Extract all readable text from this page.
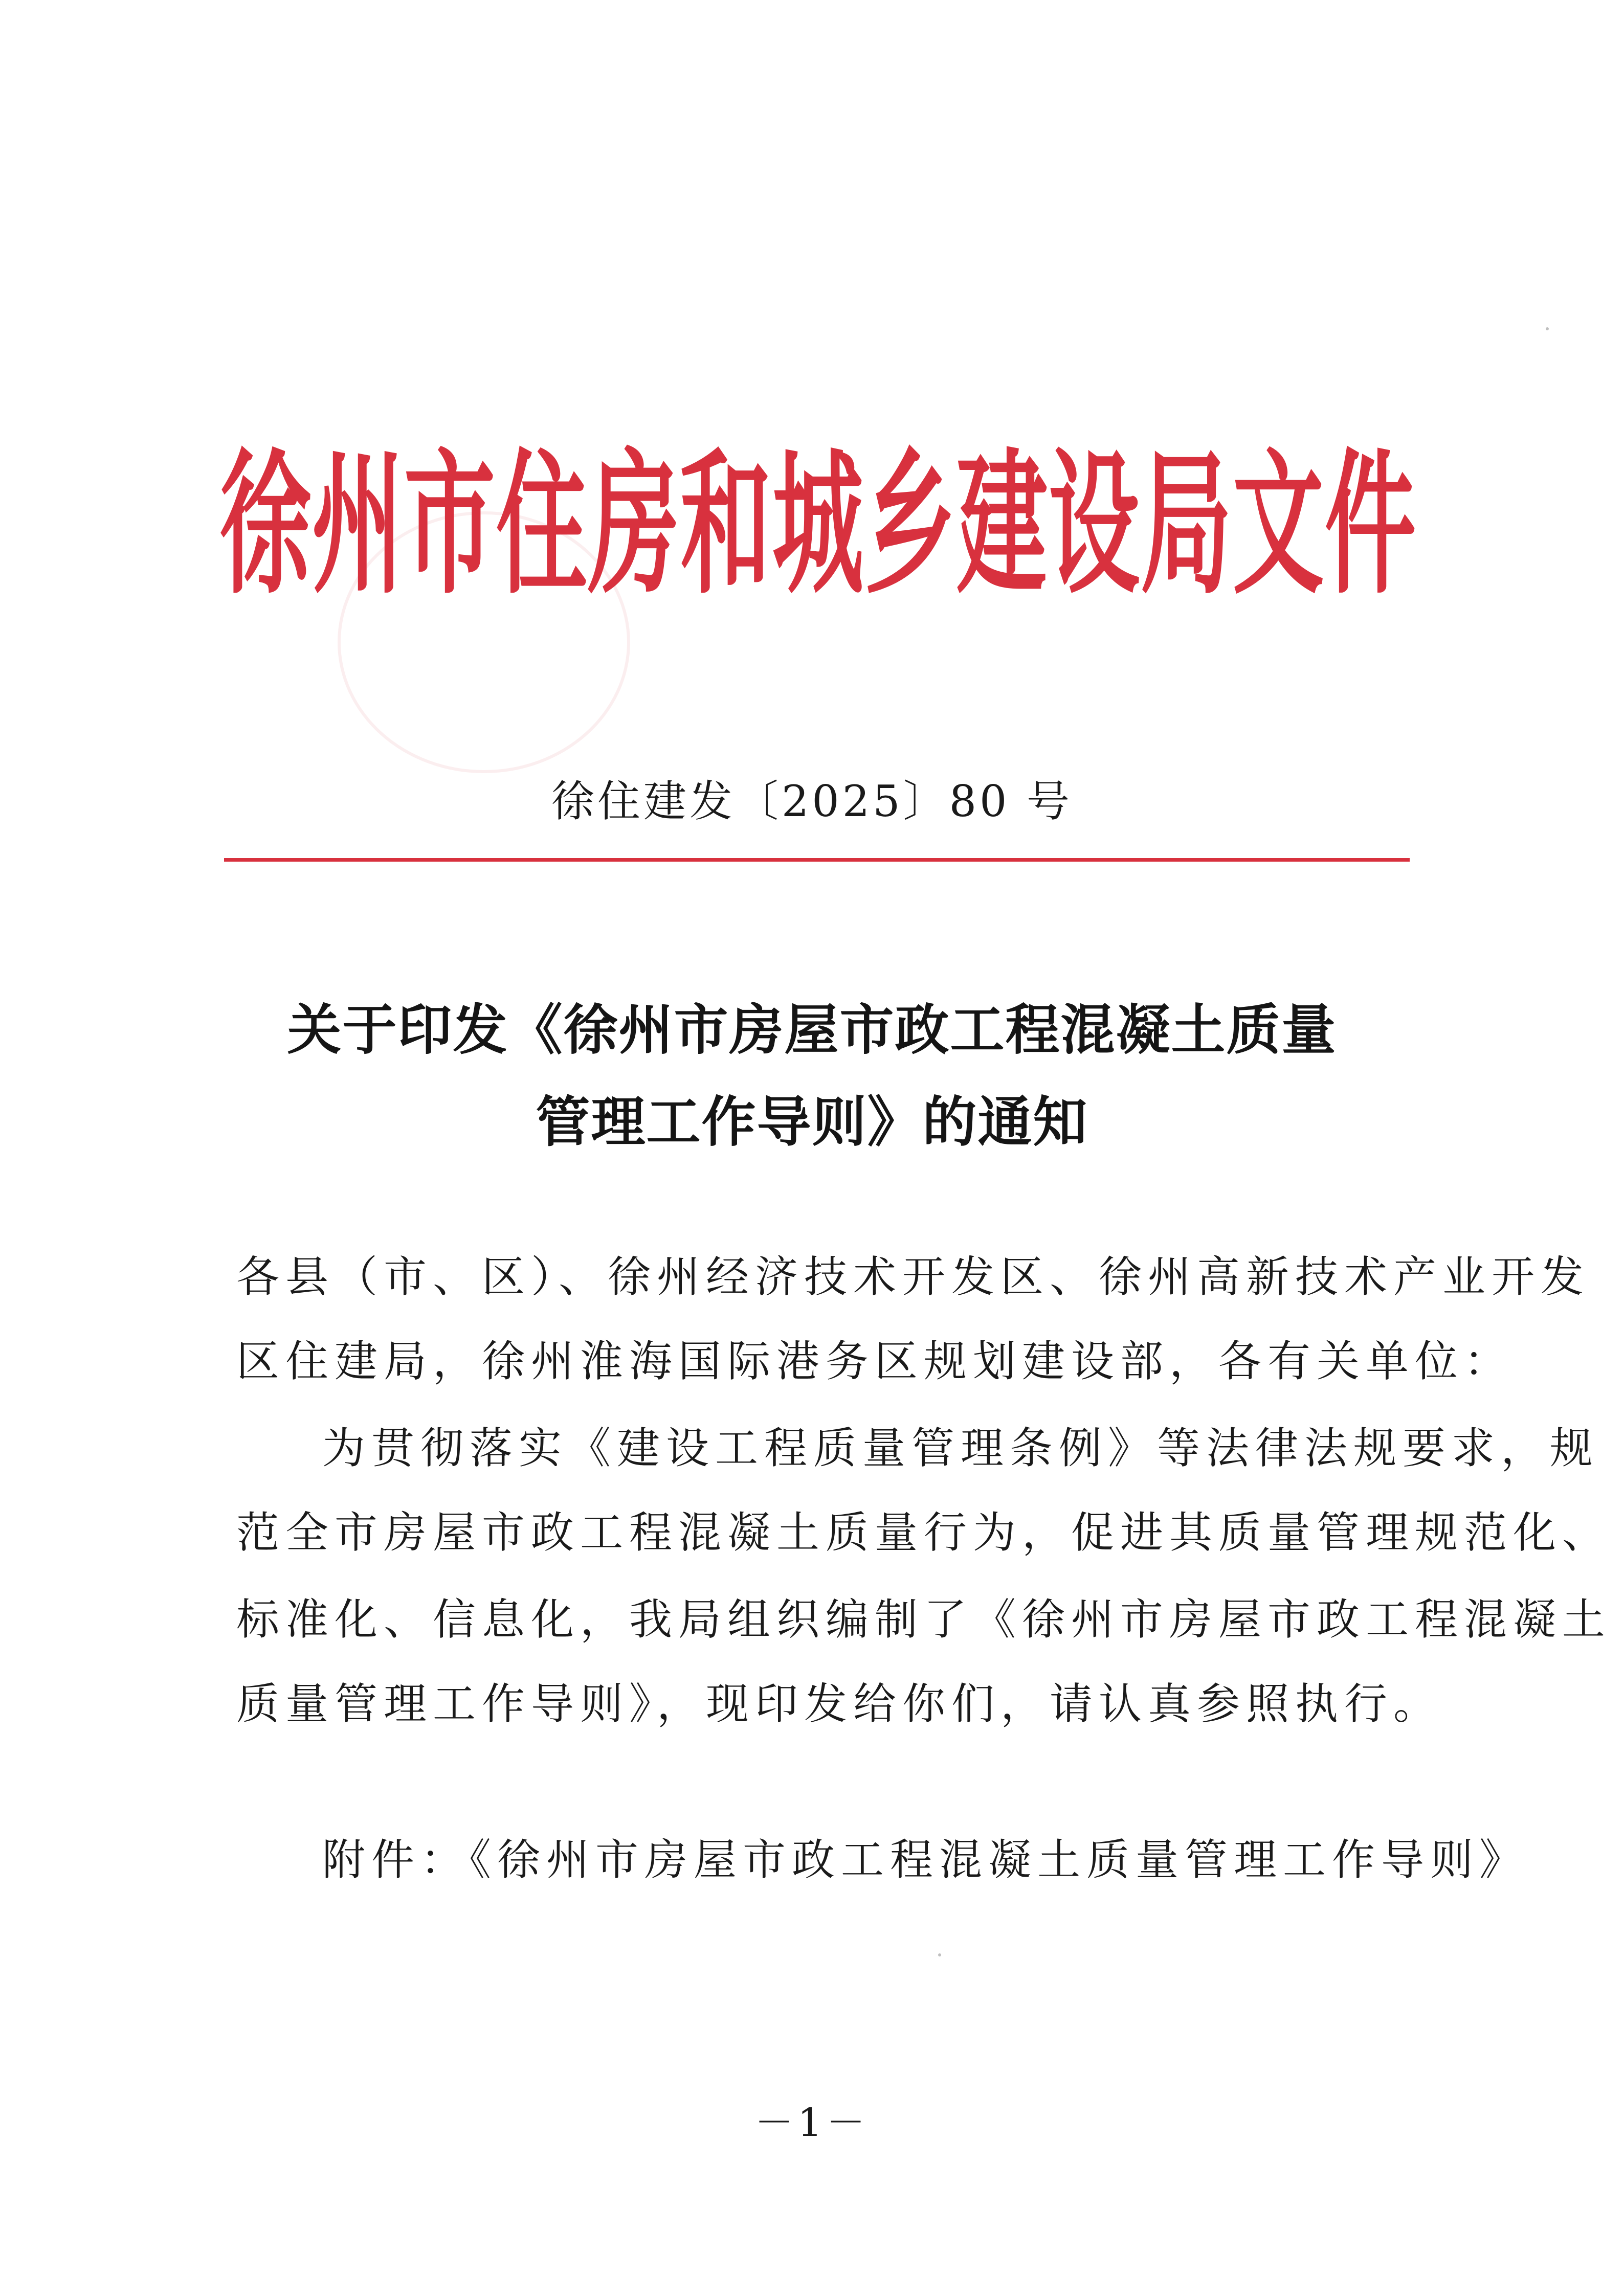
徐州市住房和城乡建设局文件
徐住建发〔2025〕80 号
关于印发《徐州市房屋市政工程混凝土质量
管理工作导则》的通知
各县（市、区）、徐州经济技术开发区、徐州高新技术产业开发
区住建局，徐州淮海国际港务区规划建设部，各有关单位：
为贯彻落实《建设工程质量管理条例》等法律法规要求，规
范全市房屋市政工程混凝土质量行为，促进其质量管理规范化、
标准化、信息化，我局组织编制了《徐州市房屋市政工程混凝土
质量管理工作导则》，现印发给你们，请认真参照执行。
附件：《徐州市房屋市政工程混凝土质量管理工作导则》
－1－
